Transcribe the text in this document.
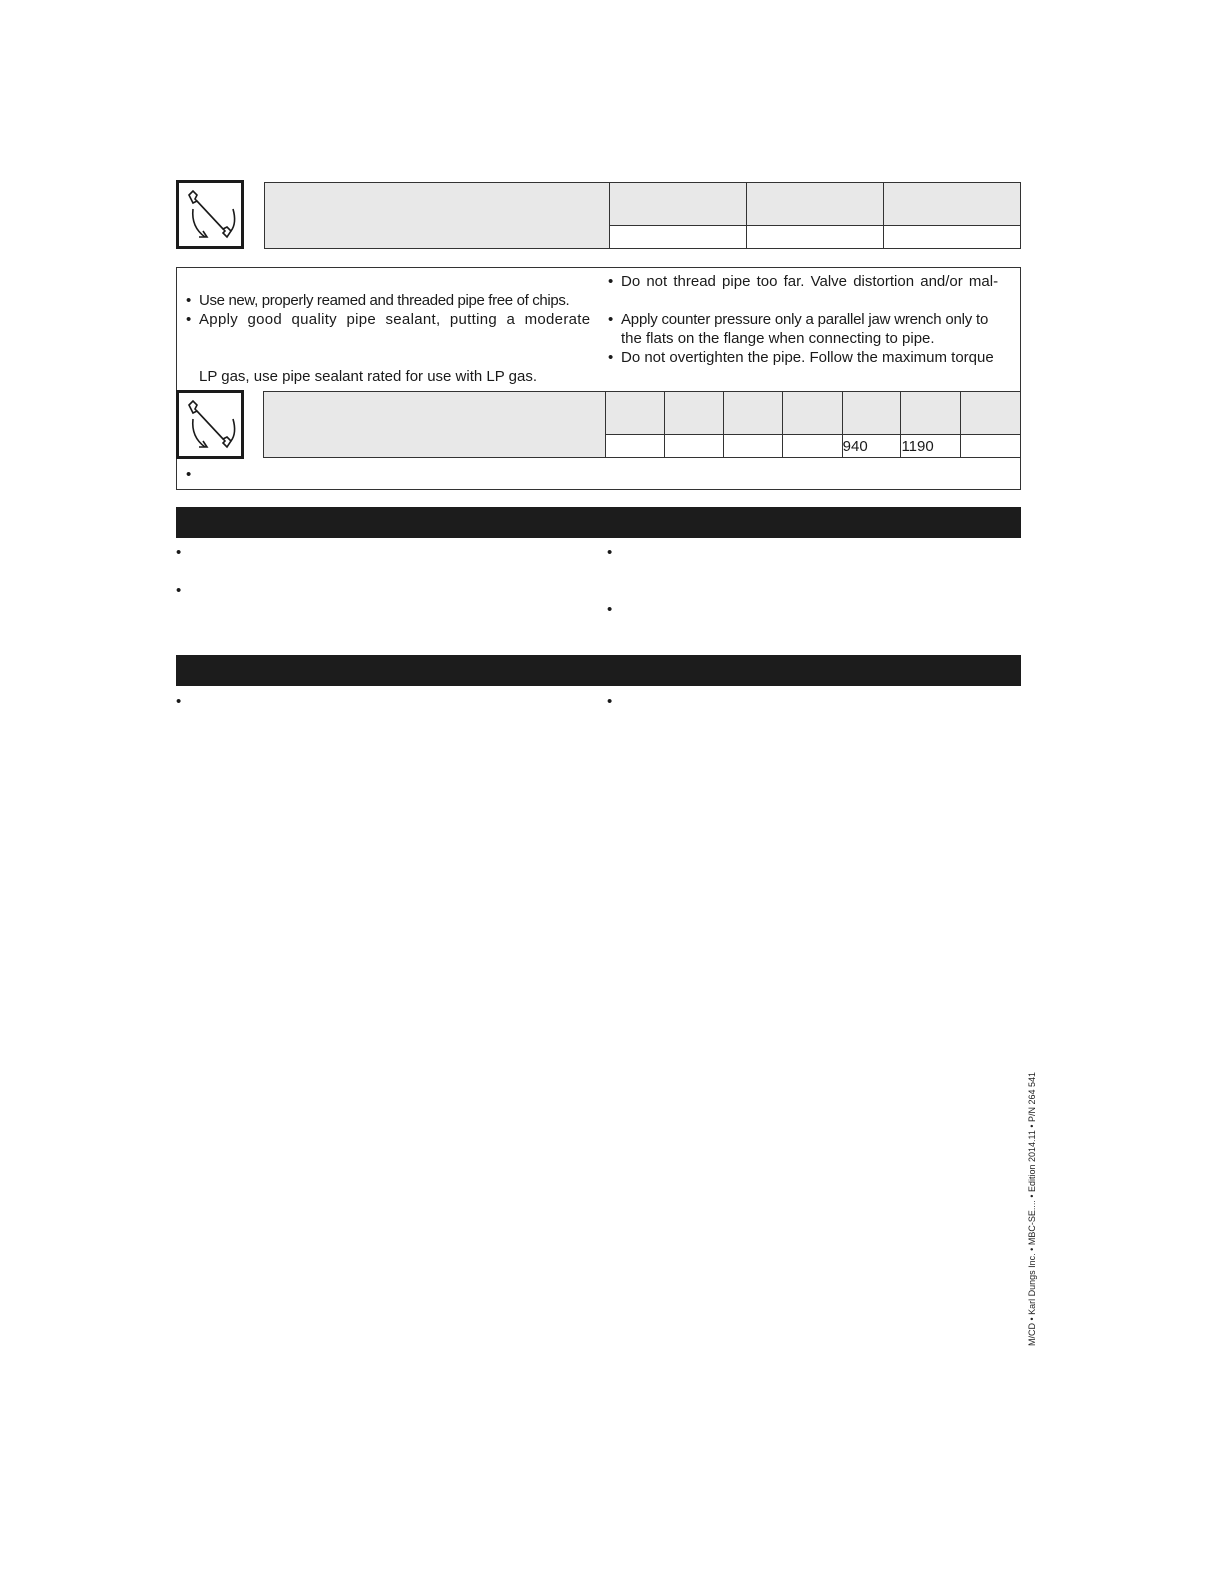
• Use new, properly reamed and threaded pipe free of chips.
• Apply good quality pipe sealant, putting a moderate
LP gas, use pipe sealant rated for use with LP gas.
• Do not thread pipe too far. Valve distortion and/or mal-
• Apply counter pressure only a parallel jaw wrench only to
the flats on the flange when connecting to pipe.
• Do not overtighten the pipe. Follow the maximum torque

					940	1190	
•
•
•
•
•
•	•
M/CD • Karl Dungs Inc. • MBC-SE.... • Edition 2014.11 • P/N 264 541
